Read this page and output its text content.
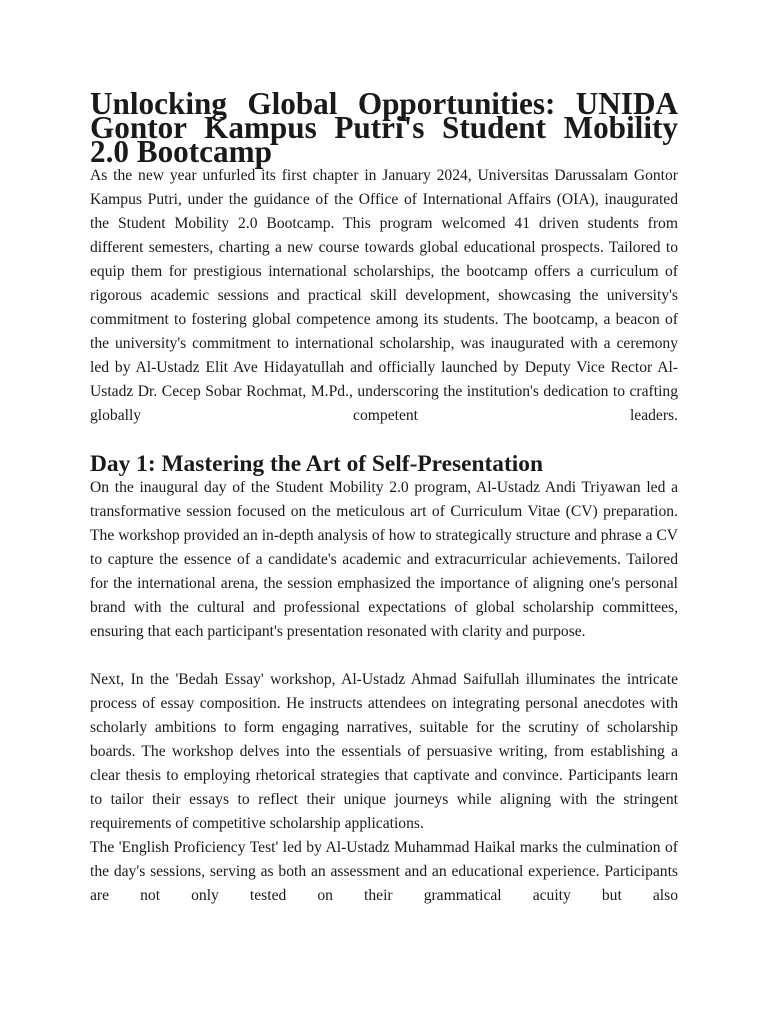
Unlocking Global Opportunities: UNIDA Gontor Kampus Putri's Student Mobility 2.0 Bootcamp

As the new year unfurled its first chapter in January 2024, Universitas Darussalam Gontor Kampus Putri, under the guidance of the Office of International Affairs (OIA), inaugurated the Student Mobility 2.0 Bootcamp. This program welcomed 41 driven students from different semesters, charting a new course towards global educational prospects. Tailored to equip them for prestigious international scholarships, the bootcamp offers a curriculum of rigorous academic sessions and practical skill development, showcasing the university's commitment to fostering global competence among its students. The bootcamp, a beacon of the university's commitment to international scholarship, was inaugurated with a ceremony led by Al-Ustadz Elit Ave Hidayatullah and officially launched by Deputy Vice Rector Al-Ustadz Dr. Cecep Sobar Rochmat, M.Pd., underscoring the institution's dedication to crafting globally competent leaders.

Day 1: Mastering the Art of Self-Presentation

On the inaugural day of the Student Mobility 2.0 program, Al-Ustadz Andi Triyawan led a transformative session focused on the meticulous art of Curriculum Vitae (CV) preparation. The workshop provided an in-depth analysis of how to strategically structure and phrase a CV to capture the essence of a candidate's academic and extracurricular achievements. Tailored for the international arena, the session emphasized the importance of aligning one's personal brand with the cultural and professional expectations of global scholarship committees, ensuring that each participant's presentation resonated with clarity and purpose.

Next, In the 'Bedah Essay' workshop, Al-Ustadz Ahmad Saifullah illuminates the intricate process of essay composition. He instructs attendees on integrating personal anecdotes with scholarly ambitions to form engaging narratives, suitable for the scrutiny of scholarship boards. The workshop delves into the essentials of persuasive writing, from establishing a clear thesis to employing rhetorical strategies that captivate and convince. Participants learn to tailor their essays to reflect their unique journeys while aligning with the stringent requirements of competitive scholarship applications.

The 'English Proficiency Test' led by Al-Ustadz Muhammad Haikal marks the culmination of the day's sessions, serving as both an assessment and an educational experience. Participants are not only tested on their grammatical acuity but also
